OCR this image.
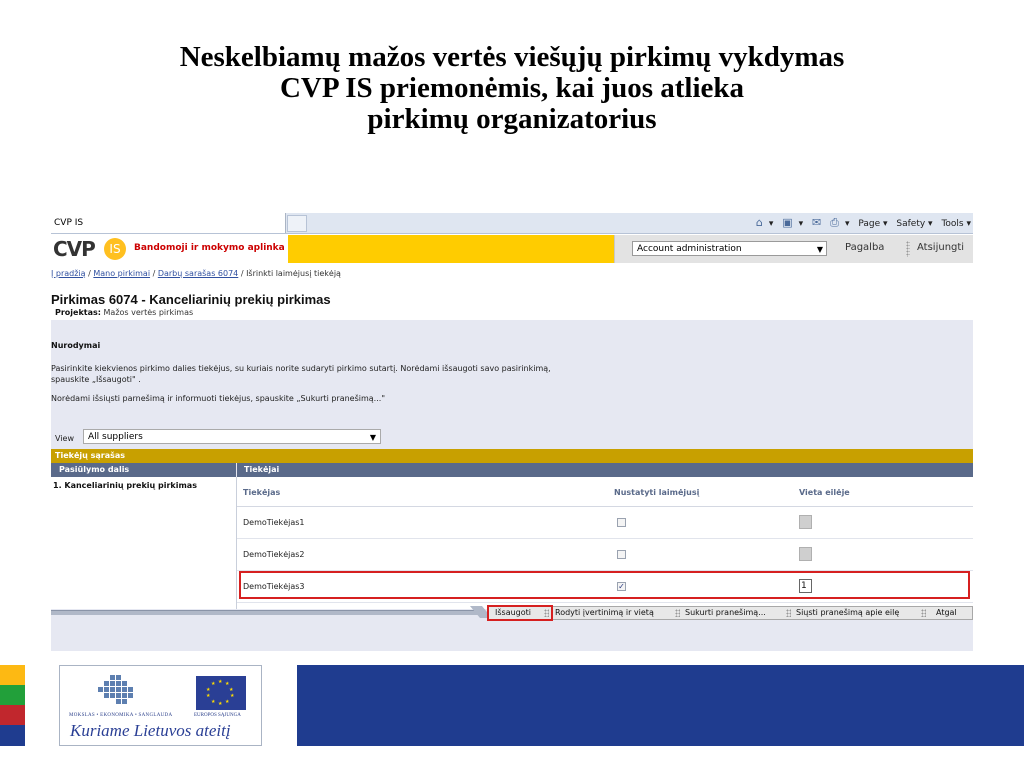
Neskelbiamų mažos vertės viešųjų pirkimų vykdymas
CVP IS priemonėmis, kai juos atlieka
pirkimų organizatorius
CVP IS	⌂ ▾ ▣ ▾ ✉ ⎙ ▾ Page ▾ Safety ▾ Tools ▾
CVP	IS	Bandomoji ir mokymo aplinka	Account administration	▼ Pagalba	Atsijungti
Į pradžią / Mano pirkimai / Darbų sarašas 6074 / Išrinkti laimėjusį tiekėją
Pirkimas 6074 - Kanceliarinių prekių pirkimas
Projektas: Mažos vertės pirkimas
Nurodymai
Pasirinkite kiekvienos pirkimo dalies tiekėjus, su kuriais norite sudaryti pirkimo sutartį. Norėdami išsaugoti savo pasirinkimą, spauskite „Išsaugoti" .
Norėdami išsiųsti parnešimą ir informuoti tiekėjus, spauskite „Sukurti pranešimą..."
View	All suppliers	▼
Tiekėjų sąrašas
Pasiūlymo dalis	Tiekėjai
1. Kanceliarinių prekių pirkimas
Tiekėjas	Nustatyti laimėjusį	Vieta eilėje
DemoTiekėjas1
DemoTiekėjas2
DemoTiekėjas3	✓	1
Išsaugoti	Rodyti įvertinimą ir vietą	Sukurti pranešimą...	Siųsti pranešimą apie eilę	Atgal
★ ★
★
★
★
★
★
★
★
★
MOKSLAS • EKONOMIKA • SANGLAUDA	EUROPOS SĄJUNGA
Kuriame Lietuvos ateitį
